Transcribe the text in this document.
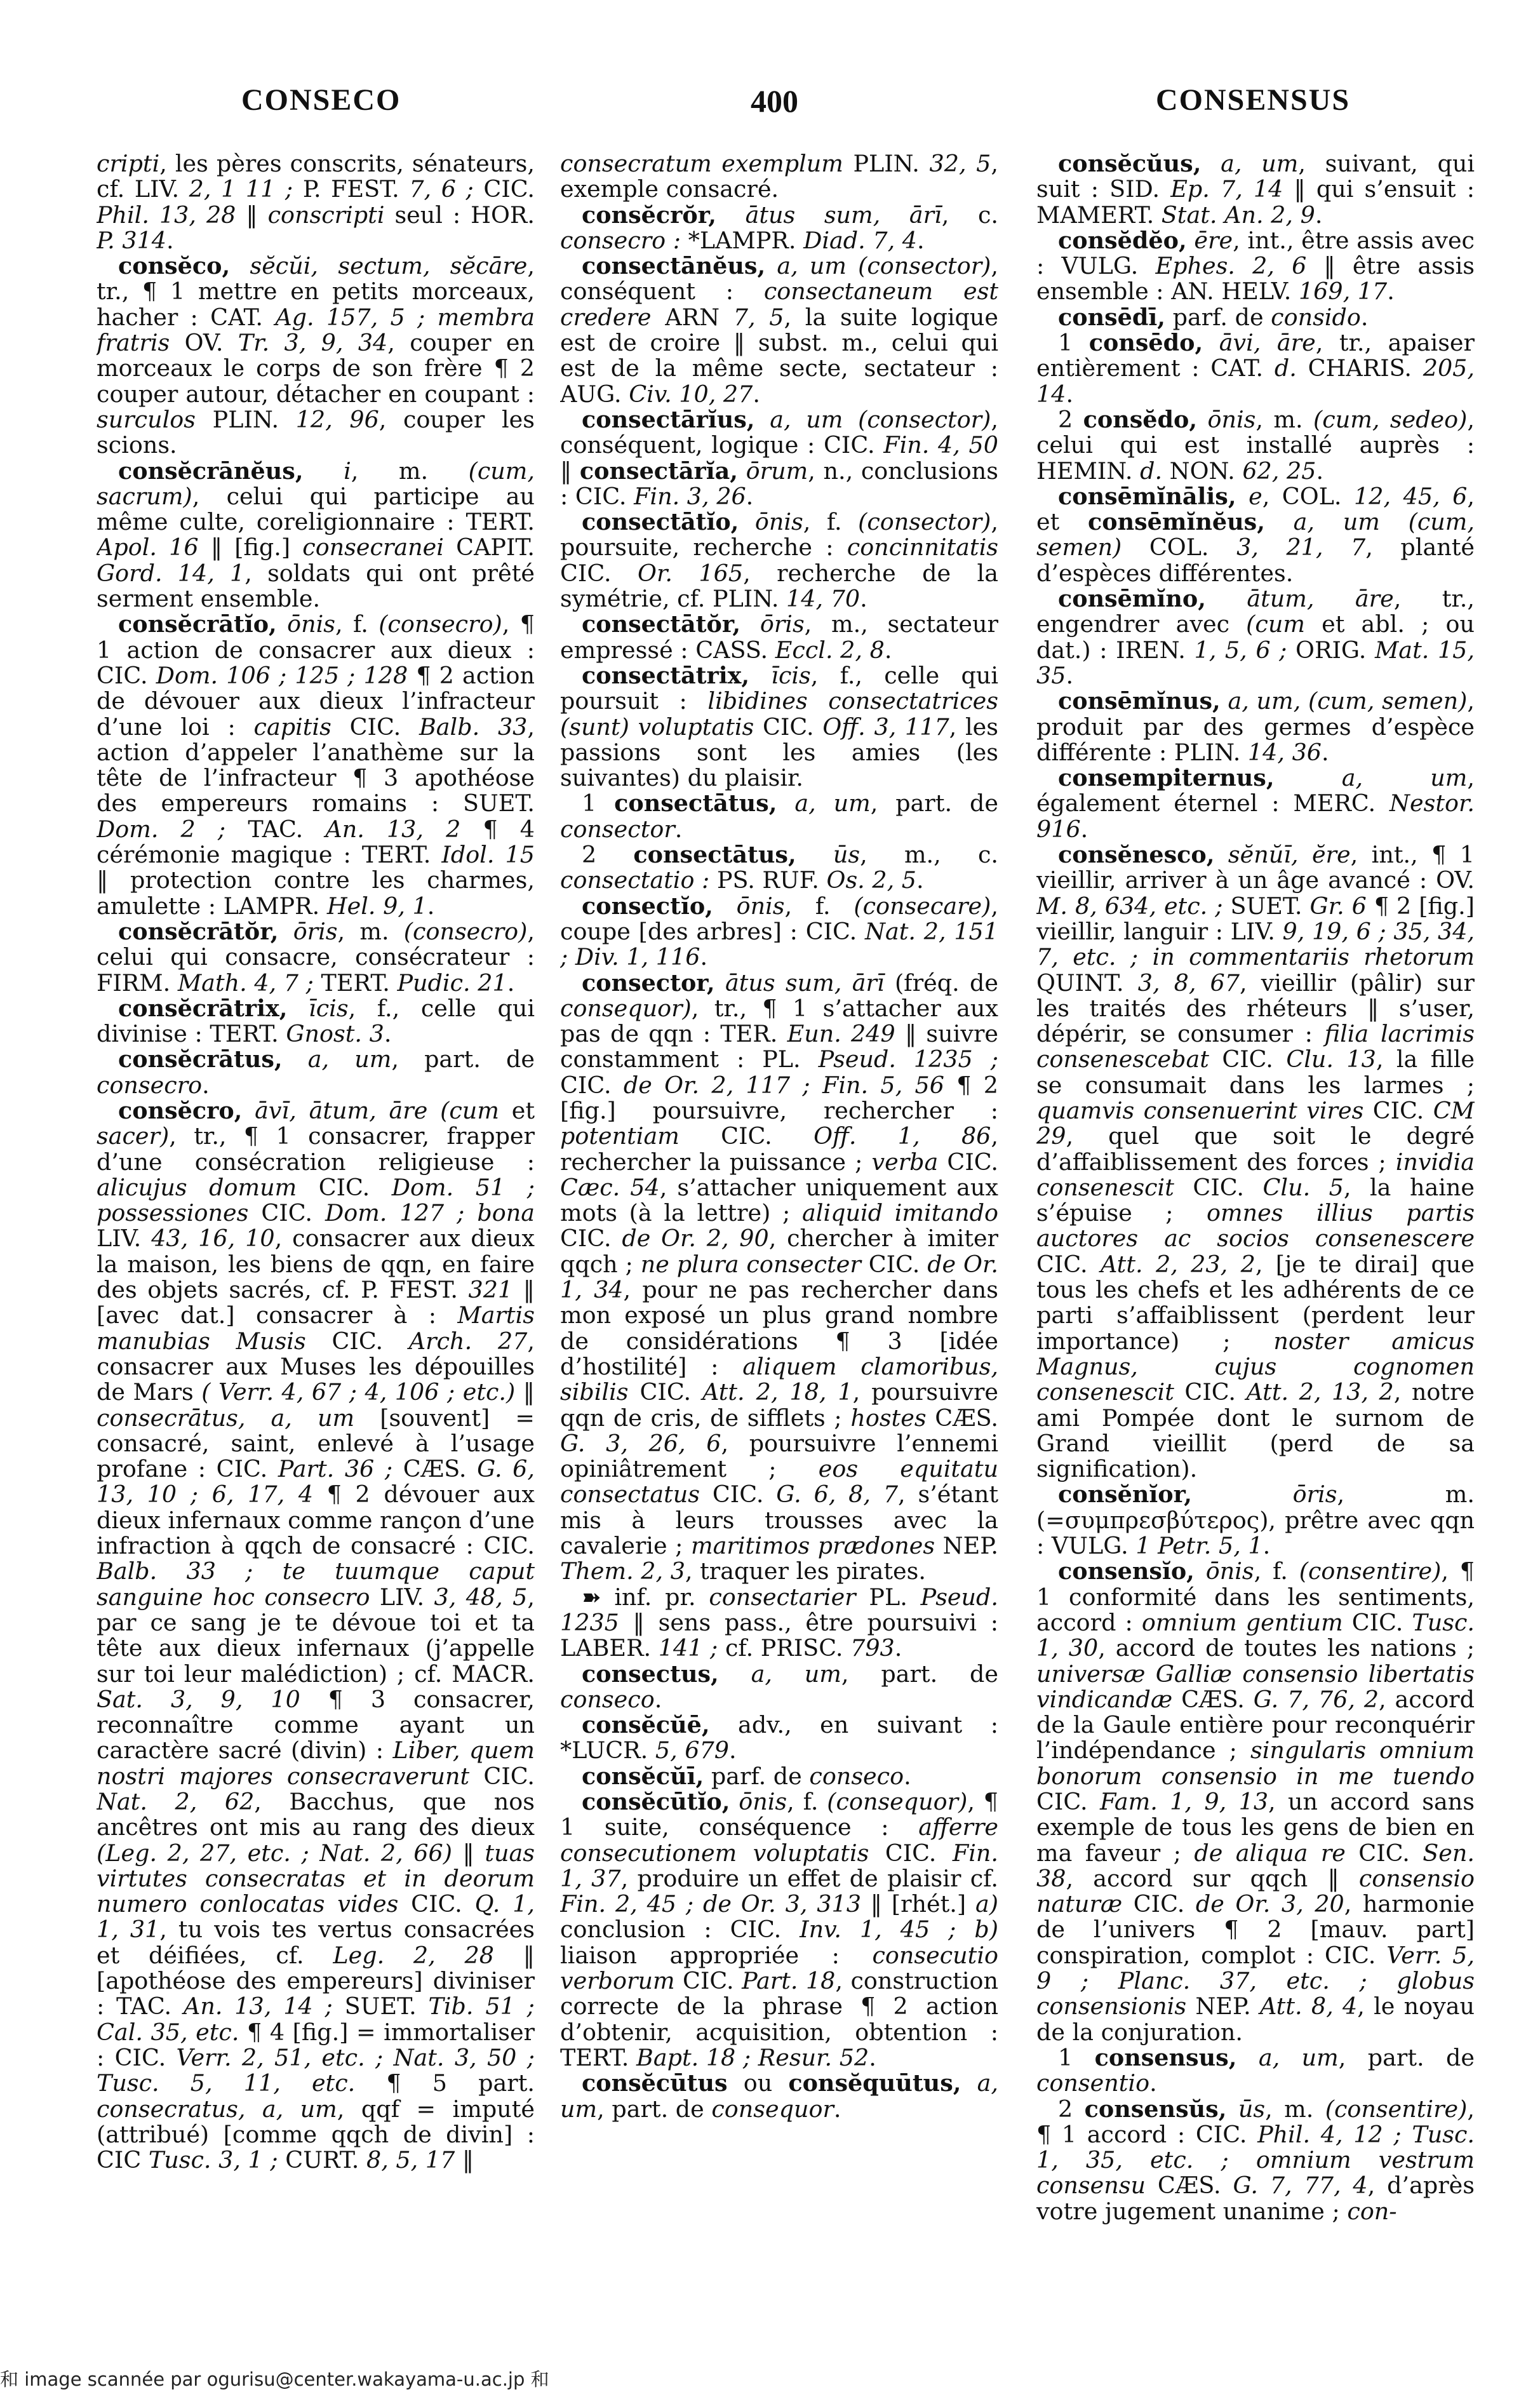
CONSECO	400	CONSENSUS

cripti, les pères conscrits, sénateurs, cf. LIV. 2, 1 11 ; P. FEST. 7, 6 ; CIC. Phil. 13, 28 ‖ conscripti seul : HOR. P. 314.

consĕco, sĕcŭi, sectum, sĕcāre, tr., ¶ 1 mettre en petits morceaux, hacher : CAT. Ag. 157, 5 ; membra fratris OV. Tr. 3, 9, 34, couper en morceaux le corps de son frère ¶ 2 couper autour, détacher en coupant : surculos PLIN. 12, 96, couper les scions.

consĕcrānĕus, i, m. (cum, sacrum), celui qui participe au même culte, coreligionnaire : TERT. Apol. 16 ‖ [fig.] consecranei CAPIT. Gord. 14, 1, soldats qui ont prêté serment ensemble.

consĕcrātĭo, ōnis, f. (consecro), ¶ 1 action de consacrer aux dieux : CIC. Dom. 106 ; 125 ; 128 ¶ 2 action de dévouer aux dieux l’infracteur d’une loi : capitis CIC. Balb. 33, action d’appeler l’anathème sur la tête de l’infracteur ¶ 3 apothéose des empereurs romains : SUET. Dom. 2 ; TAC. An. 13, 2 ¶ 4 cérémonie magique : TERT. Idol. 15 ‖ protection contre les charmes, amulette : LAMPR. Hel. 9, 1.

consĕcrātŏr, ōris, m. (consecro), celui qui consacre, consécrateur : FIRM. Math. 4, 7 ; TERT. Pudic. 21.

consĕcrātrix, īcis, f., celle qui divinise : TERT. Gnost. 3.

consĕcrātus, a, um, part. de consecro.

consĕcro, āvī, ātum, āre (cum et sacer), tr., ¶ 1 consacrer, frapper d’une consécration religieuse : alicujus domum CIC. Dom. 51 ; possessiones CIC. Dom. 127 ; bona LIV. 43, 16, 10, consacrer aux dieux la maison, les biens de qqn, en faire des objets sacrés, cf. P. FEST. 321 ‖ [avec dat.] consacrer à : Martis manubias Musis CIC. Arch. 27, consacrer aux Muses les dépouilles de Mars ( Verr. 4, 67 ; 4, 106 ; etc.) ‖ consecrātus, a, um [souvent] = consacré, saint, enlevé à l’usage profane : CIC. Part. 36 ; CÆS. G. 6, 13, 10 ; 6, 17, 4 ¶ 2 dévouer aux dieux infernaux comme rançon d’une infraction à qqch de consacré : CIC. Balb. 33 ; te tuumque caput sanguine hoc consecro LIV. 3, 48, 5, par ce sang je te dévoue toi et ta tête aux dieux infernaux (j’appelle sur toi leur malédiction) ; cf. MACR. Sat. 3, 9, 10 ¶ 3 consacrer, reconnaître comme ayant un caractère sacré (divin) : Liber, quem nostri majores consecraverunt CIC. Nat. 2, 62, Bacchus, que nos ancêtres ont mis au rang des dieux (Leg. 2, 27, etc. ; Nat. 2, 66) ‖ tuas virtutes consecratas et in deorum numero conlocatas vides CIC. Q. 1, 1, 31, tu vois tes vertus consacrées et déifiées, cf. Leg. 2, 28 ‖ [apothéose des empereurs] diviniser : TAC. An. 13, 14 ; SUET. Tib. 51 ; Cal. 35, etc. ¶ 4 [fig.] = immortaliser : CIC. Verr. 2, 51, etc. ; Nat. 3, 50 ; Tusc. 5, 11, etc. ¶ 5 part. consecratus, a, um, qqf = imputé (attribué) [comme qqch de divin] : CIC Tusc. 3, 1 ; CURT. 8, 5, 17 ‖

consecratum exemplum PLIN. 32, 5, exemple consacré.

consĕcrŏr, ātus sum, ārī, c. consecro : *LAMPR. Diad. 7, 4.

consectānĕus, a, um (consector), conséquent : consectaneum est credere ARN 7, 5, la suite logique est de croire ‖ subst. m., celui qui est de la même secte, sectateur : AUG. Civ. 10, 27.

consectārĭus, a, um (consector), conséquent, logique : CIC. Fin. 4, 50 ‖ consectārĭa, ōrum, n., conclusions : CIC. Fin. 3, 26.

consectātĭo, ōnis, f. (consector), poursuite, recherche : concinnitatis CIC. Or. 165, recherche de la symétrie, cf. PLIN. 14, 70.

consectātŏr, ōris, m., sectateur empressé : CASS. Eccl. 2, 8.

consectātrix, īcis, f., celle qui poursuit : libidines consectatrices (sunt) voluptatis CIC. Off. 3, 117, les passions sont les amies (les suivantes) du plaisir.

1 consectātus, a, um, part. de consector.

2 consectātus, ūs, m., c. consectatio : PS. RUF. Os. 2, 5.

consectĭo, ōnis, f. (consecare), coupe [des arbres] : CIC. Nat. 2, 151 ; Div. 1, 116.

consector, ātus sum, ārī (fréq. de consequor), tr., ¶ 1 s’attacher aux pas de qqn : TER. Eun. 249 ‖ suivre constamment : PL. Pseud. 1235 ; CIC. de Or. 2, 117 ; Fin. 5, 56 ¶ 2 [fig.] poursuivre, rechercher : potentiam CIC. Off. 1, 86, rechercher la puissance ; verba CIC. Cæc. 54, s’attacher uniquement aux mots (à la lettre) ; aliquid imitando CIC. de Or. 2, 90, chercher à imiter qqch ; ne plura consecter CIC. de Or. 1, 34, pour ne pas rechercher dans mon exposé un plus grand nombre de considérations ¶ 3 [idée d’hostilité] : aliquem clamoribus, sibilis CIC. Att. 2, 18, 1, poursuivre qqn de cris, de sifflets ; hostes CÆS. G. 3, 26, 6, poursuivre l’ennemi opiniâtrement ; eos equitatu consectatus CIC. G. 6, 8, 7, s’étant mis à leurs trousses avec la cavalerie ; maritimos prædones NEP. Them. 2, 3, traquer les pirates.

➽ inf. pr. consectarier PL. Pseud. 1235 ‖ sens pass., être poursuivi : LABER. 141 ; cf. PRISC. 793.

consectus, a, um, part. de conseco.

consĕcŭē, adv., en suivant : *LUCR. 5, 679.

consĕcŭī, parf. de conseco.

consĕcūtĭo, ōnis, f. (consequor), ¶ 1 suite, conséquence : afferre consecutionem voluptatis CIC. Fin. 1, 37, produire un effet de plaisir cf. Fin. 2, 45 ; de Or. 3, 313 ‖ [rhét.] a) conclusion : CIC. Inv. 1, 45 ; b) liaison appropriée : consecutio verborum CIC. Part. 18, construction correcte de la phrase ¶ 2 action d’obtenir, acquisition, obtention : TERT. Bapt. 18 ; Resur. 52.

consĕcūtus ou consĕquūtus, a, um, part. de consequor.

consĕcŭus, a, um, suivant, qui suit : SID. Ep. 7, 14 ‖ qui s’ensuit : MAMERT. Stat. An. 2, 9.

consĕdĕo, ēre, int., être assis avec : VULG. Ephes. 2, 6 ‖ être assis ensemble : AN. HELV. 169, 17.

consēdī, parf. de consido.

1 consēdo, āvi, āre, tr., apaiser entièrement : CAT. d. CHARIS. 205, 14.

2 consĕdo, ōnis, m. (cum, sedeo), celui qui est installé auprès : HEMIN. d. NON. 62, 25.

consēmĭnālis, e, COL. 12, 45, 6, et consēmĭnĕus, a, um (cum, semen) COL. 3, 21, 7, planté d’espèces différentes.

consēmĭno, ātum, āre, tr., engendrer avec (cum et abl. ; ou dat.) : IREN. 1, 5, 6 ; ORIG. Mat. 15, 35.

consēmĭnus, a, um, (cum, semen), produit par des germes d’espèce différente : PLIN. 14, 36.

consempiternus,	a, um, également éternel : MERC. Nestor. 916.

consĕnesco, sĕnŭī, ĕre, int., ¶ 1 vieillir, arriver à un âge avancé : OV. M. 8, 634, etc. ; SUET. Gr. 6 ¶ 2 [fig.] vieillir, languir : LIV. 9, 19, 6 ; 35, 34, 7, etc. ; in commentariis rhetorum QUINT. 3, 8, 67, vieillir (pâlir) sur les traités des rhéteurs ‖ s’user, dépérir, se consumer : filia lacrimis consenescebat CIC. Clu. 13, la fille se consumait dans les larmes ; quamvis consenuerint vires CIC. CM 29, quel que soit le degré d’affaiblissement des forces ; invidia consenescit CIC. Clu. 5, la haine s’épuise ; omnes illius partis auctores ac socios consenescere CIC. Att. 2, 23, 2, [je te dirai] que tous les chefs et les adhérents de ce parti s’affaiblissent (perdent leur importance) ; noster amicus Magnus, cujus cognomen consenescit CIC. Att. 2, 13, 2, notre ami Pompée dont le surnom de Grand vieillit (perd de sa signification).

consĕnĭor,	ōris, m. (=συμπρεσβύτερος), prêtre avec qqn : VULG. 1 Petr. 5, 1.

consensĭo, ōnis, f. (consentire), ¶ 1 conformité dans les sentiments, accord : omnium gentium CIC. Tusc. 1, 30, accord de toutes les nations ; universæ Galliæ consensio libertatis vindicandæ CÆS. G. 7, 76, 2, accord de la Gaule entière pour reconquérir l’indépendance ; singularis omnium bonorum consensio in me tuendo CIC. Fam. 1, 9, 13, un accord sans exemple de tous les gens de bien en ma faveur ; de aliqua re CIC. Sen. 38, accord sur qqch ‖ consensio naturæ CIC. de Or. 3, 20, harmonie de l’univers ¶ 2 [mauv. part] conspiration, complot : CIC. Verr. 5, 9 ; Planc. 37, etc. ; globus consensionis NEP. Att. 8, 4, le noyau de la conjuration.

1 consensus, a, um, part. de consentio.

2 consensŭs, ūs, m. (consentire), ¶ 1 accord : CIC. Phil. 4, 12 ; Tusc. 1, 35, etc. ; omnium vestrum consensu CÆS. G. 7, 77, 4, d’après votre jugement unanime ; con-

和 image scannée par ogurisu@center.wakayama-u.ac.jp 和
